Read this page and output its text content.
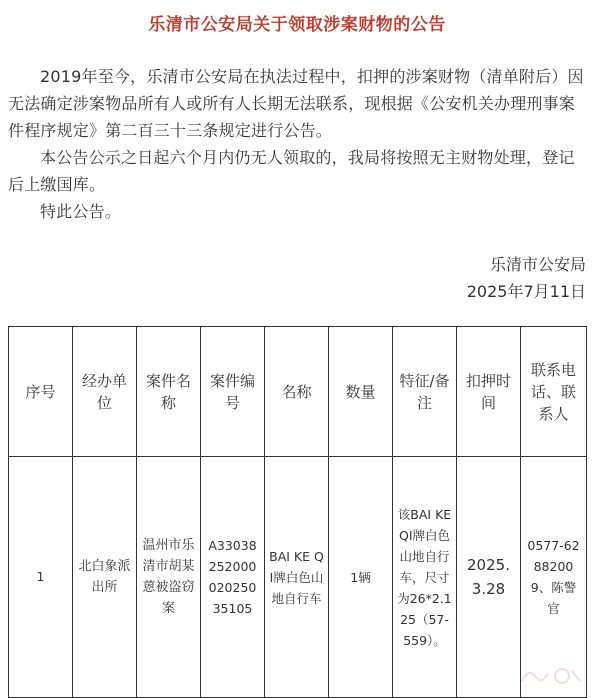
乐清市公安局关于领取涉案财物的公告

2019年至今，乐清市公安局在执法过程中，扣押的涉案财物（清单附后）因无法确定涉案物品所有人或所有人长期无法联系，现根据《公安机关办理刑事案件程序规定》第二百三十三条规定进行公告。

本公告公示之日起六个月内仍无人领取的，我局将按照无主财物处理，登记后上缴国库。

特此公告。

乐清市公安局
2025年7月11日
序号	经办单位	案件名称	案件编号	名称	数量	特征/备注	扣押时间	联系电话、联系人
1	北白象派出所	温州市乐清市胡某蒽被盗窃案	A33038252000020250 35105	BAI KE QI牌白色山地自行车	1辆	该BAI KE QI牌白色山地自行车，尺寸为26*2.125（57-559）。	2025.3.28	0577-62882009、陈警官
